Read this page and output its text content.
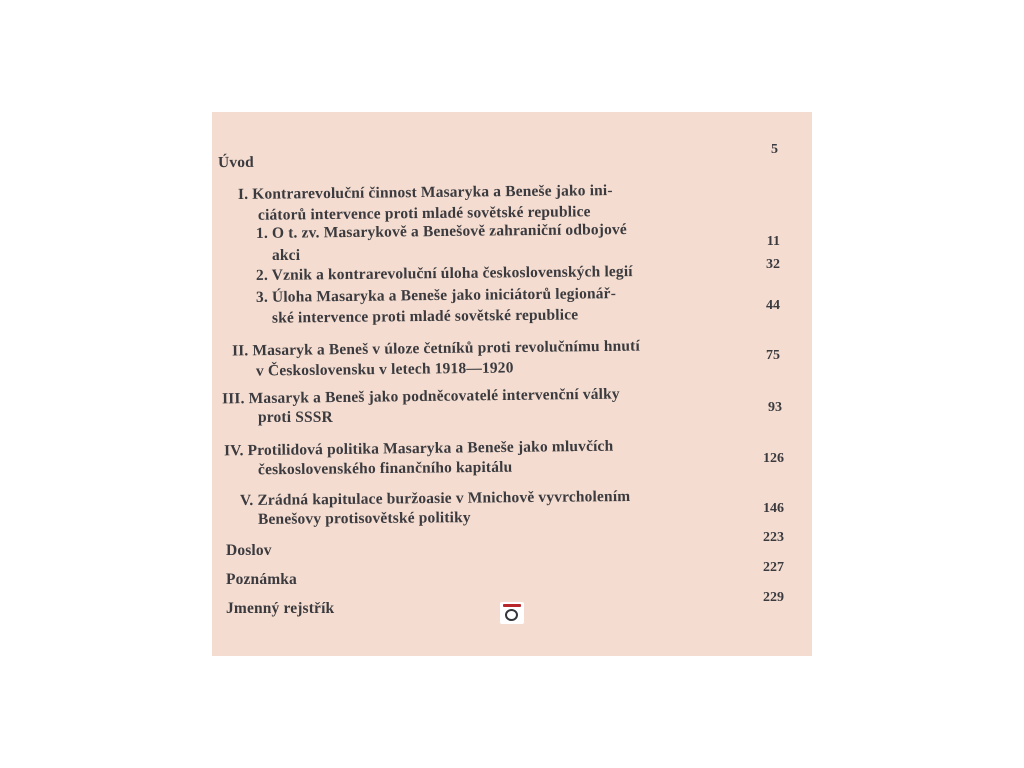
Úvod
5
I. Kontrarevoluční činnost Masaryka a Beneše jako ini-
ciátorů intervence proti mladé sovětské republice
1. O t. zv. Masarykově a Benešově zahraniční odbojové
akci
11
2. Vznik a kontrarevoluční úloha československých legií	32
3. Úloha Masaryka a Beneše jako iniciátorů legionář-
ské intervence proti mladé sovětské republice
44
II. Masaryk a Beneš v úloze četníků proti revolučnímu hnutí
v Československu v letech 1918—1920
75
III. Masaryk a Beneš jako podněcovatelé intervenční války
proti SSSR
93
IV. Protilidová politika Masaryka a Beneše jako mluvčích
československého finančního kapitálu
126
V. Zrádná kapitulace buržoasie v Mnichově vyvrcholením
Benešovy protisovětské politiky
146
Doslov
223
Poznámka
227
Jmenný rejstřík
229
